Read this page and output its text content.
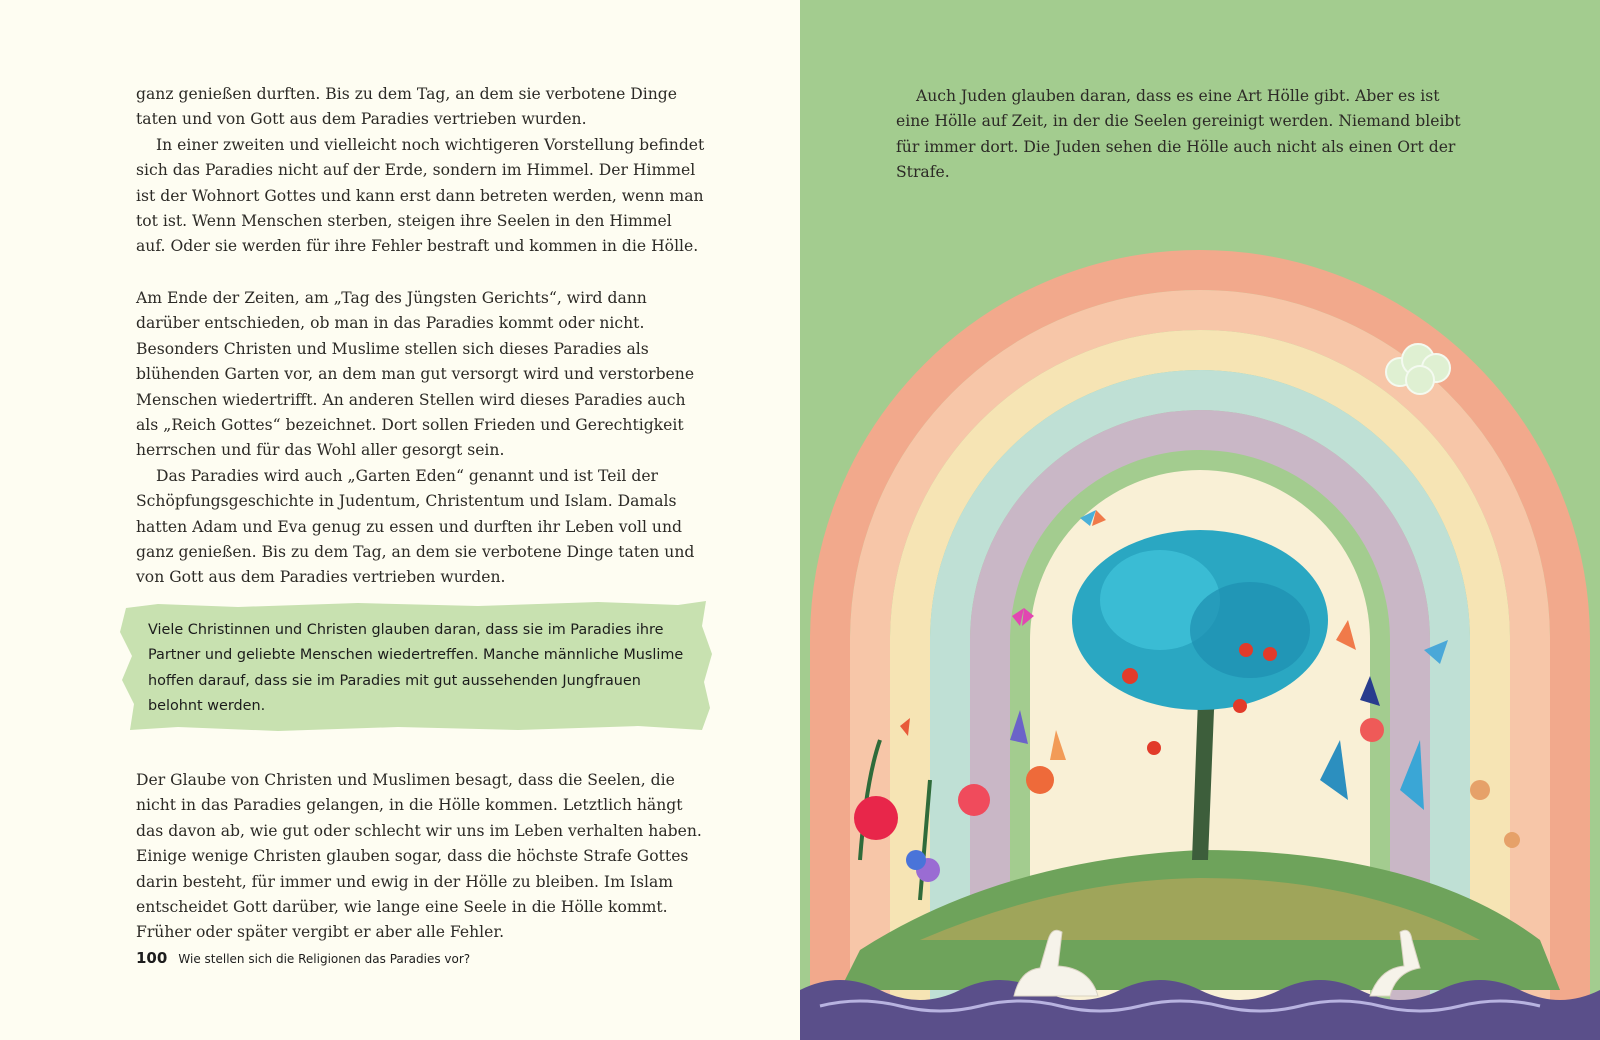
ganz genießen durften. Bis zu dem Tag, an dem sie verbotene Dinge taten und von Gott aus dem Paradies vertrieben wurden.

In einer zweiten und vielleicht noch wichtigeren Vorstellung befindet sich das Paradies nicht auf der Erde, sondern im Himmel. Der Himmel ist der Wohnort Gottes und kann erst dann betreten werden, wenn man tot ist. Wenn Menschen sterben, steigen ihre Seelen in den Himmel auf. Oder sie werden für ihre Fehler bestraft und kommen in die Hölle.

Am Ende der Zeiten, am „Tag des Jüngsten Gerichts“, wird dann darüber entschieden, ob man in das Paradies kommt oder nicht. Besonders Christen und Muslime stellen sich dieses Paradies als blühenden Garten vor, an dem man gut versorgt wird und verstorbene Menschen wiedertrifft. An anderen Stellen wird dieses Paradies auch als „Reich Gottes“ bezeichnet. Dort sollen Frieden und Gerechtigkeit herrschen und für das Wohl aller gesorgt sein.

Das Paradies wird auch „Garten Eden“ genannt und ist Teil der Schöpfungsgeschichte in Judentum, Christentum und Islam. Damals hatten Adam und Eva genug zu essen und durften ihr Leben voll und ganz genießen. Bis zu dem Tag, an dem sie verbotene Dinge taten und von Gott aus dem Paradies vertrieben wurden.

Viele Christinnen und Christen glauben daran, dass sie im Paradies ihre Partner und geliebte Menschen wiedertreffen. Manche männliche Muslime hoffen darauf, dass sie im Paradies mit gut aussehenden Jungfrauen belohnt werden.

Der Glaube von Christen und Muslimen besagt, dass die Seelen, die nicht in das Paradies gelangen, in die Hölle kommen. Letztlich hängt das davon ab, wie gut oder schlecht wir uns im Leben verhalten haben. Einige wenige Christen glauben sogar, dass die höchste Strafe Gottes darin besteht, für immer und ewig in der Hölle zu bleiben. Im Islam entscheidet Gott darüber, wie lange eine Seele in die Hölle kommt. Früher oder später vergibt er aber alle Fehler.

100 Wie stellen sich die Religionen das Paradies vor?

Auch Juden glauben daran, dass es eine Art Hölle gibt. Aber es ist eine Hölle auf Zeit, in der die Seelen gereinigt werden. Niemand bleibt für immer dort. Die Juden sehen die Hölle auch nicht als einen Ort der Strafe.
